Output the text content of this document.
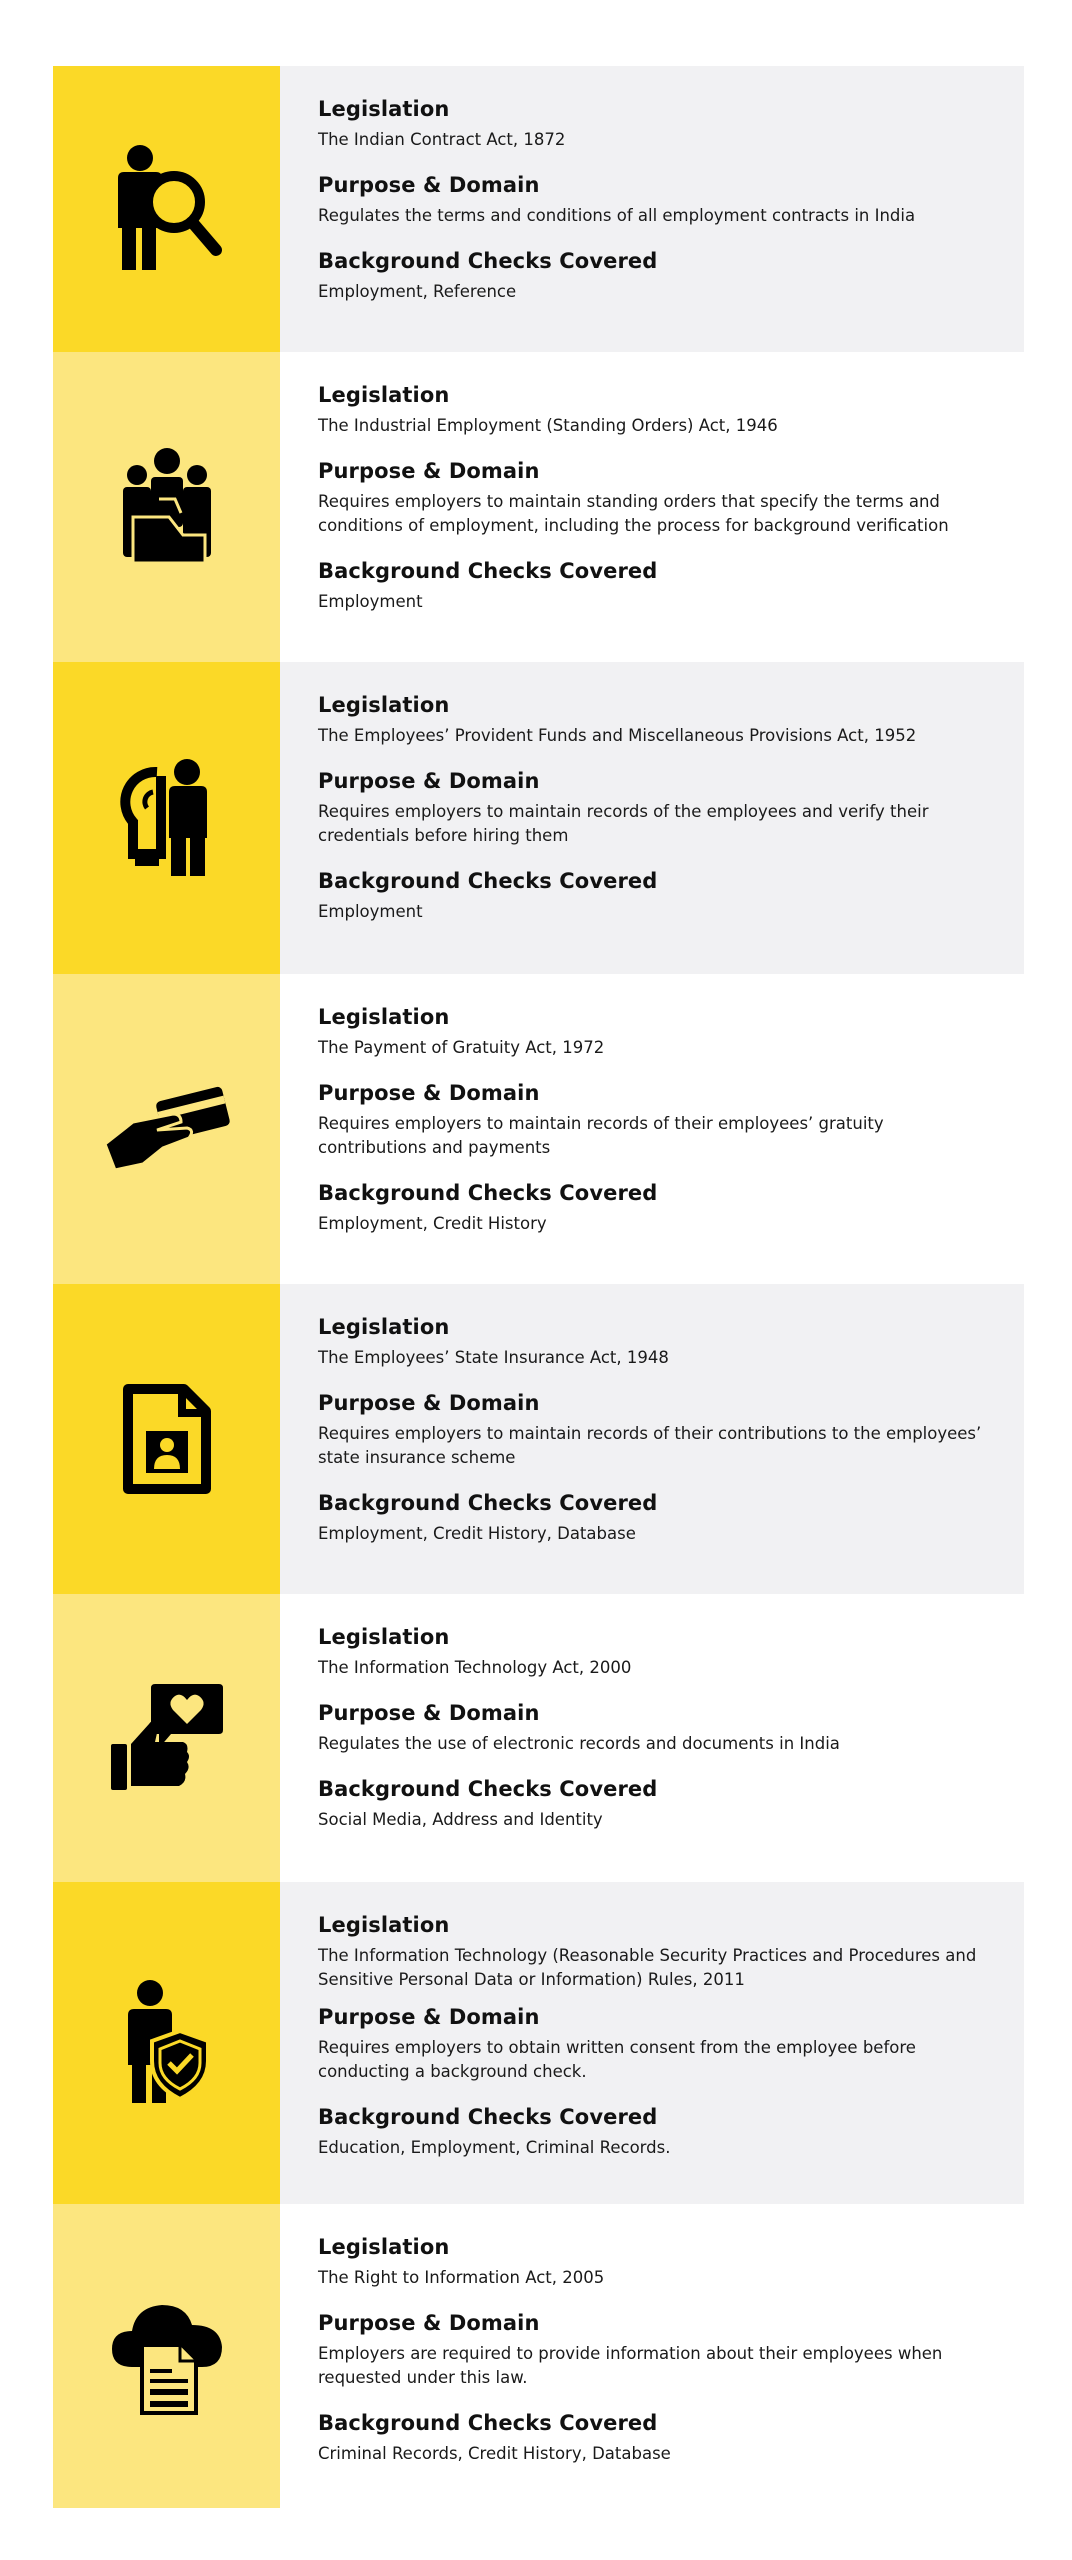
Legislation
The Indian Contract Act, 1872
Purpose & Domain
Regulates the terms and conditions of all employment contracts in India
Background Checks Covered
Employment, Reference
Legislation
The Industrial Employment (Standing Orders) Act, 1946
Purpose & Domain
Requires employers to maintain standing orders that specify the terms and conditions of employment, including the process for background verification
Background Checks Covered
Employment
Legislation
The Employees’ Provident Funds and Miscellaneous Provisions Act, 1952
Purpose & Domain
Requires employers to maintain records of the employees and verify their credentials before hiring them
Background Checks Covered
Employment
Legislation
The Payment of Gratuity Act, 1972
Purpose & Domain
Requires employers to maintain records of their employees’ gratuity contributions and payments
Background Checks Covered
Employment, Credit History
Legislation
The Employees’ State Insurance Act, 1948
Purpose & Domain
Requires employers to maintain records of their contributions to the employees’ state insurance scheme
Background Checks Covered
Employment, Credit History, Database
Legislation
The Information Technology Act, 2000
Purpose & Domain
Regulates the use of electronic records and documents in India
Background Checks Covered
Social Media, Address and Identity
Legislation
The Information Technology (Reasonable Security Practices and Procedures and Sensitive Personal Data or Information) Rules, 2011
Purpose & Domain
Requires employers to obtain written consent from the employee before conducting a background check.
Background Checks Covered
Education, Employment, Criminal Records.
Legislation
The Right to Information Act, 2005
Purpose & Domain
Employers are required to provide information about their employees when requested under this law.
Background Checks Covered
Criminal Records, Credit History, Database
